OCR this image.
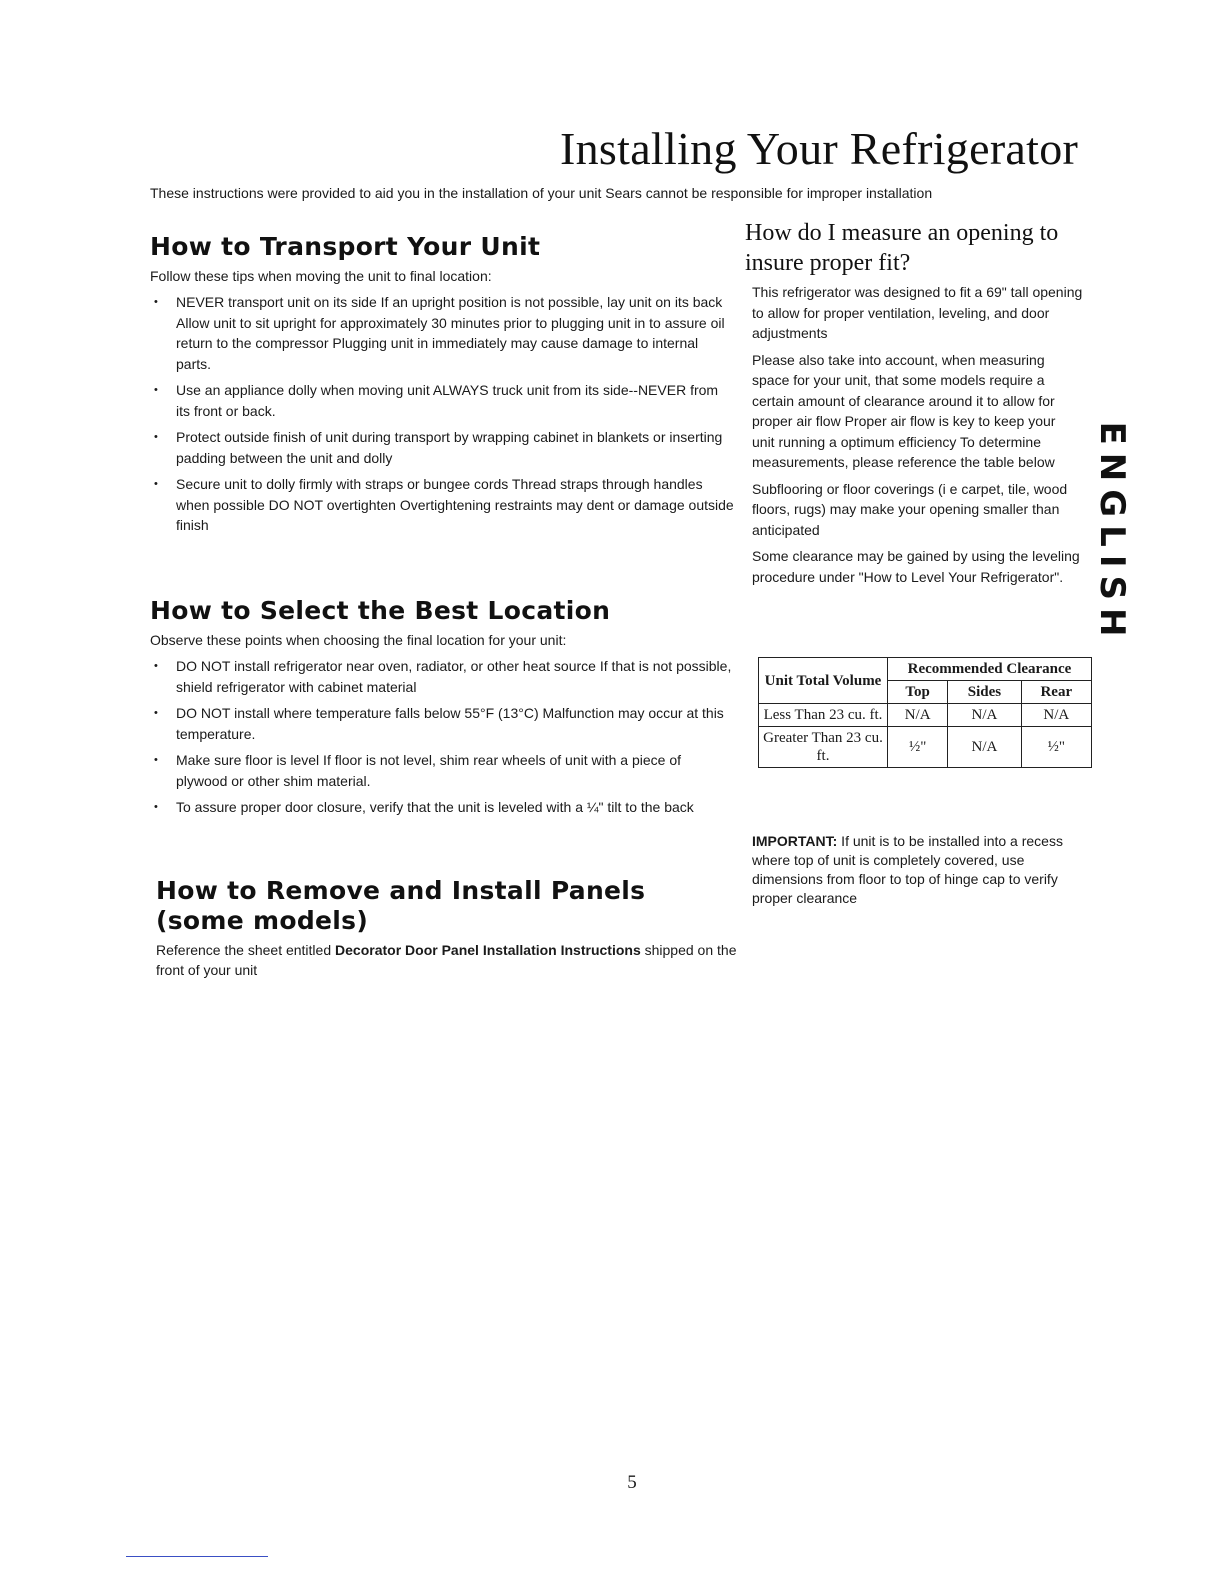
Installing Your Refrigerator

These instructions were provided to aid you in the installation of your unit Sears cannot be responsible for improper installation

How to Transport Your Unit

Follow these tips when moving the unit to final location:

• NEVER transport unit on its side If an upright position is not possible, lay unit on its back Allow unit to sit upright for approximately 30 minutes prior to plugging unit in to assure oil return to the compressor Plugging unit in immediately may cause damage to internal parts.
• Use an appliance dolly when moving unit ALWAYS truck unit from its side--NEVER from its front or back.
• Protect outside finish of unit during transport by wrapping cabinet in blankets or inserting padding between the unit and dolly
• Secure unit to dolly firmly with straps or bungee cords Thread straps through handles when possible DO NOT overtighten Overtightening restraints may dent or damage outside finish
How to Select the Best Location

Observe these points when choosing the final location for your unit:

• DO NOT install refrigerator near oven, radiator, or other heat source If that is not possible, shield refrigerator with cabinet material
• DO NOT install where temperature falls below 55°F (13°C) Malfunction may occur at this temperature.
• Make sure floor is level If floor is not level, shim rear wheels of unit with a piece of plywood or other shim material.
• To assure proper door closure, verify that the unit is leveled with a ¼" tilt to the back
How to Remove and Install Panels (some models)

Reference the sheet entitled Decorator Door Panel Installation Instructions shipped on the front of your unit

How do I measure an opening to insure proper fit?

This refrigerator was designed to fit a 69" tall opening to allow for proper ventilation, leveling, and door adjustments

Please also take into account, when measuring space for your unit, that some models require a certain amount of clearance around it to allow for proper air flow Proper air flow is key to keep your unit running a optimum efficiency To determine measurements, please reference the table below

Subflooring or floor coverings (i e carpet, tile, wood floors, rugs) may make your opening smaller than anticipated

Some clearance may be gained by using the leveling procedure under "How to Level Your Refrigerator".

Unit Total Volume	Recommended Clearance		
	Top	Sides	Rear
Less Than 23 cu. ft.	N/A	N/A	N/A
Greater Than 23 cu. ft.	½"	N/A	½"

IMPORTANT: If unit is to be installed into a recess where top of unit is completely covered, use dimensions from floor to top of hinge cap to verify proper clearance

ENGLISH
5
